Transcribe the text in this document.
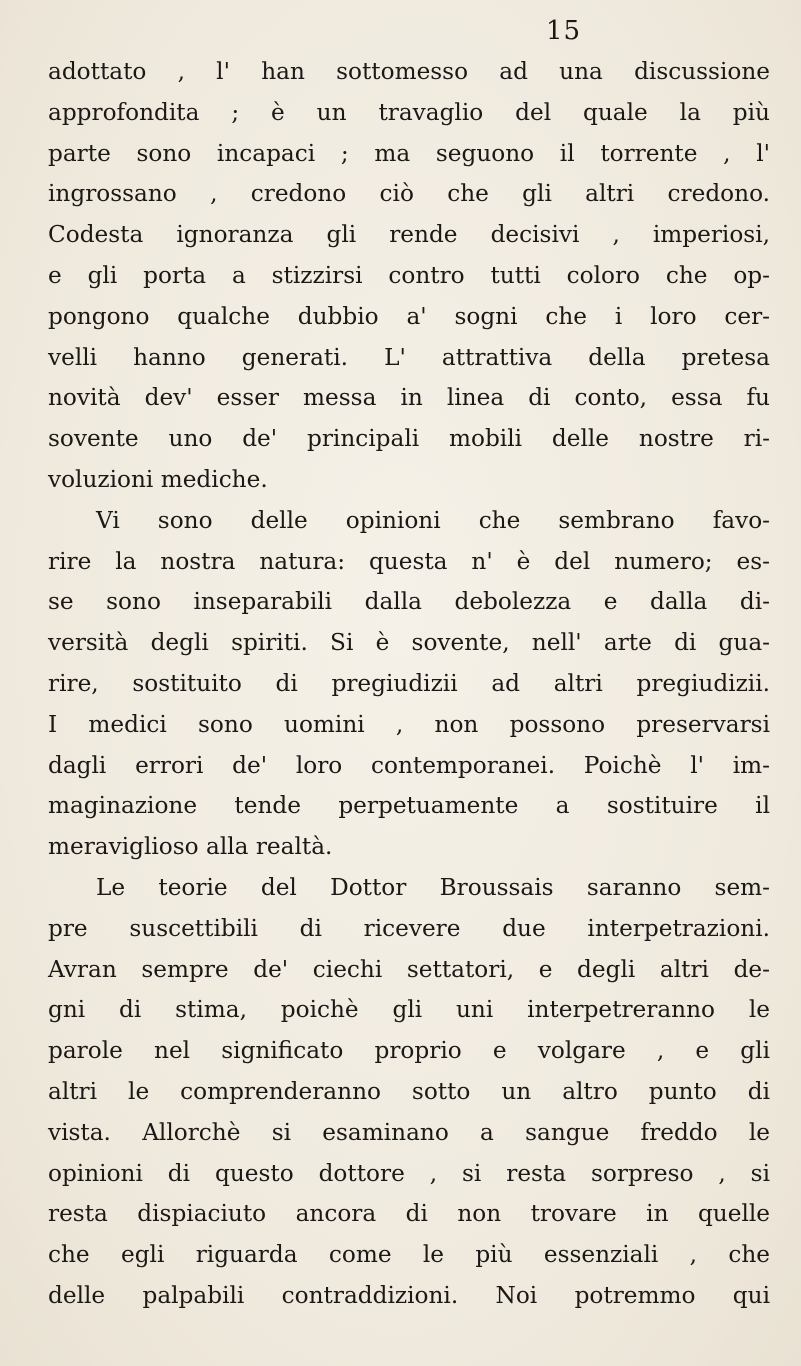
15
adottato , l' han sottomesso ad una discussione
approfondita ; è un travaglio del quale la più
parte sono incapaci ; ma seguono il torrente , l'
ingrossano , credono ciò che gli altri credono.
Codesta ignoranza gli rende decisivi , imperiosi,
e gli porta a stizzirsi contro tutti coloro che op-
pongono qualche dubbio a' sogni che i loro cer-
velli hanno generati. L' attrattiva della pretesa
novità dev' esser messa in linea di conto, essa fu
sovente uno de' principali mobili delle nostre ri-
voluzioni mediche.
Vi sono delle opinioni che sembrano favo-
rire la nostra natura: questa n' è del numero; es-
se sono inseparabili dalla debolezza e dalla di-
versità degli spiriti. Si è sovente, nell' arte di gua-
rire, sostituito di pregiudizii ad altri pregiudizii.
I medici sono uomini , non possono preservarsi
dagli errori de' loro contemporanei. Poichè l' im-
maginazione tende perpetuamente a sostituire il
meraviglioso alla realtà.
Le teorie del Dottor Broussais saranno sem-
pre suscettibili di ricevere due interpetrazioni.
Avran sempre de' ciechi settatori, e degli altri de-
gni di stima, poichè gli uni interpetreranno le
parole nel significato proprio e volgare , e gli
altri le comprenderanno sotto un altro punto di
vista. Allorchè si esaminano a sangue freddo le
opinioni di questo dottore , si resta sorpreso , si
resta dispiaciuto ancora di non trovare in quelle
che egli riguarda come le più essenziali , che
delle palpabili contraddizioni. Noi potremmo qui
